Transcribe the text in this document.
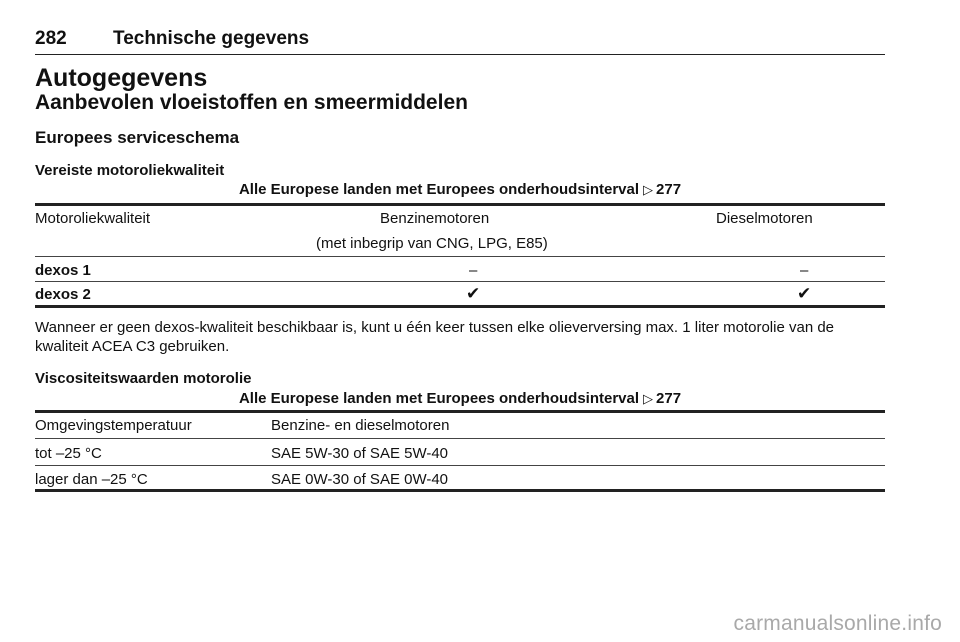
282 Technische gegevens
Autogegevens
Aanbevolen vloeistoffen en smeermiddelen
Europees serviceschema
Vereiste motoroliekwaliteit
Alle Europese landen met Europees onderhoudsinterval ▷ 277
Motoroliekwaliteit	Benzinemotoren	Dieselmotoren
(met inbegrip van CNG, LPG, E85)
dexos 1	–	–
dexos 2	✔	✔
Wanneer er geen dexos-kwaliteit beschikbaar is, kunt u één keer tussen elke olieverversing max. 1 liter motorolie van de kwaliteit ACEA C3 gebruiken.
Viscositeitswaarden motorolie
Alle Europese landen met Europees onderhoudsinterval ▷ 277
Omgevingstemperatuur	Benzine- en dieselmotoren
tot –25 °C	SAE 5W-30 of SAE 5W-40
lager dan –25 °C	SAE 0W-30 of SAE 0W-40
carmanualsonline.info
